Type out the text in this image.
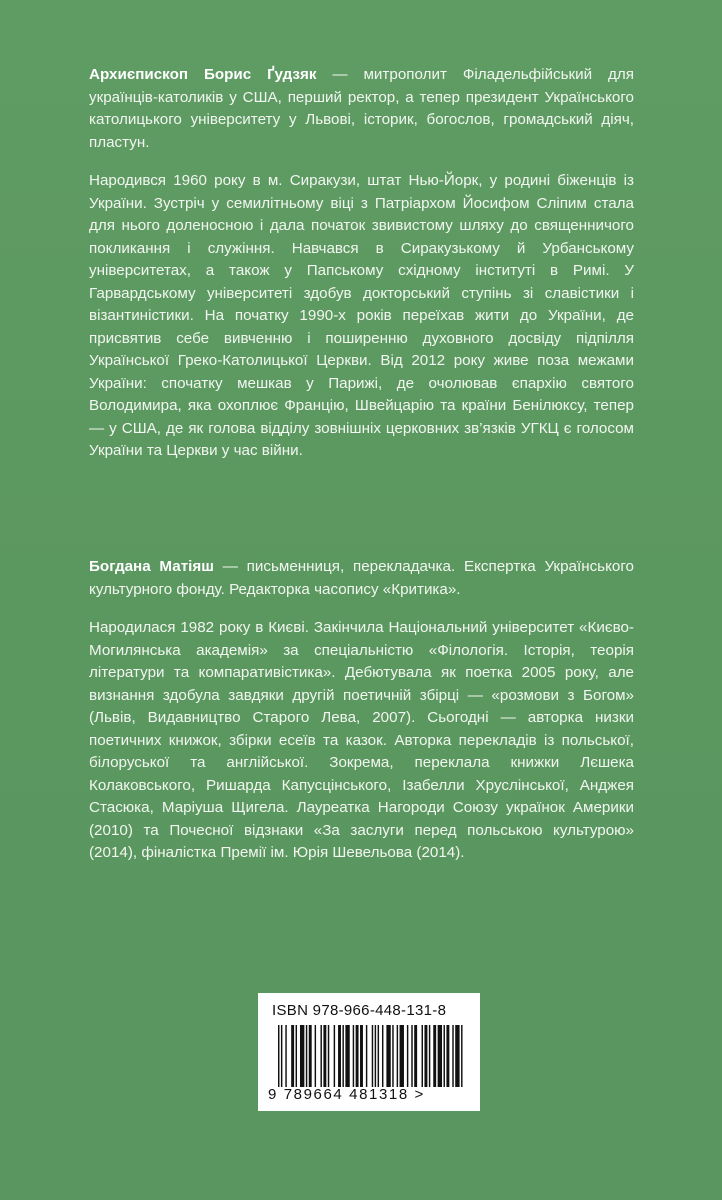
Архиєпископ Борис Ґудзяк — митрополит Філадельфійський для українців-католиків у США, перший ректор, а тепер президент Українського католицького університету у Львові, історик, богослов, громадський діяч, пластун.

Народився 1960 року в м. Сиракузи, штат Нью-Йорк, у родині біженців із України. Зустріч у семилітньому віці з Патріархом Йосифом Сліпим стала для нього доленосною і дала початок звивистому шляху до священничого покликання і служіння. Навчався в Сиракузькому й Урбанському університетах, а також у Папському східному інституті в Римі. У Гарвардському університеті здобув докторський ступінь зі славістики і візантиністики. На початку 1990-х років переїхав жити до України, де присвятив себе вивченню і поширенню духовного досвіду підпілля Української Греко-Католицької Церкви. Від 2012 року живе поза межами України: спочатку мешкав у Парижі, де очолював єпархію святого Володимира, яка охоплює Францію, Швейцарію та країни Бенілюксу, тепер — у США, де як голова відділу зовнішніх церковних зв’язків УГКЦ є голосом України та Церкви у час війни.

Богдана Матіяш — письменниця, перекладачка. Експертка Українського культурного фонду. Редакторка часопису «Критика».

Народилася 1982 року в Києві. Закінчила Національний університет «Києво-Могилянська академія» за спеціальністю «Філологія. Історія, теорія літератури та компаративістика». Дебютувала як поетка 2005 року, але визнання здобула завдяки другій поетичній збірці — «розмови з Богом» (Львів, Видавництво Старого Лева, 2007). Сьогодні — авторка низки поетичних книжок, збірки есеїв та казок. Авторка перекладів із польської, білоруської та англійської. Зокрема, переклала книжки Лєшека Колаковського, Ришарда Капусцінського, Ізабелли Хруслінської, Анджея Стасюка, Маріуша Щигела. Лауреатка Нагороди Союзу українок Америки (2010) та Почесної відзнаки «За заслуги перед польською культурою» (2014), фіналістка Премії ім. Юрія Шевельова (2014).

ISBN 978-966-448-131-8
9 789664 481318 >
